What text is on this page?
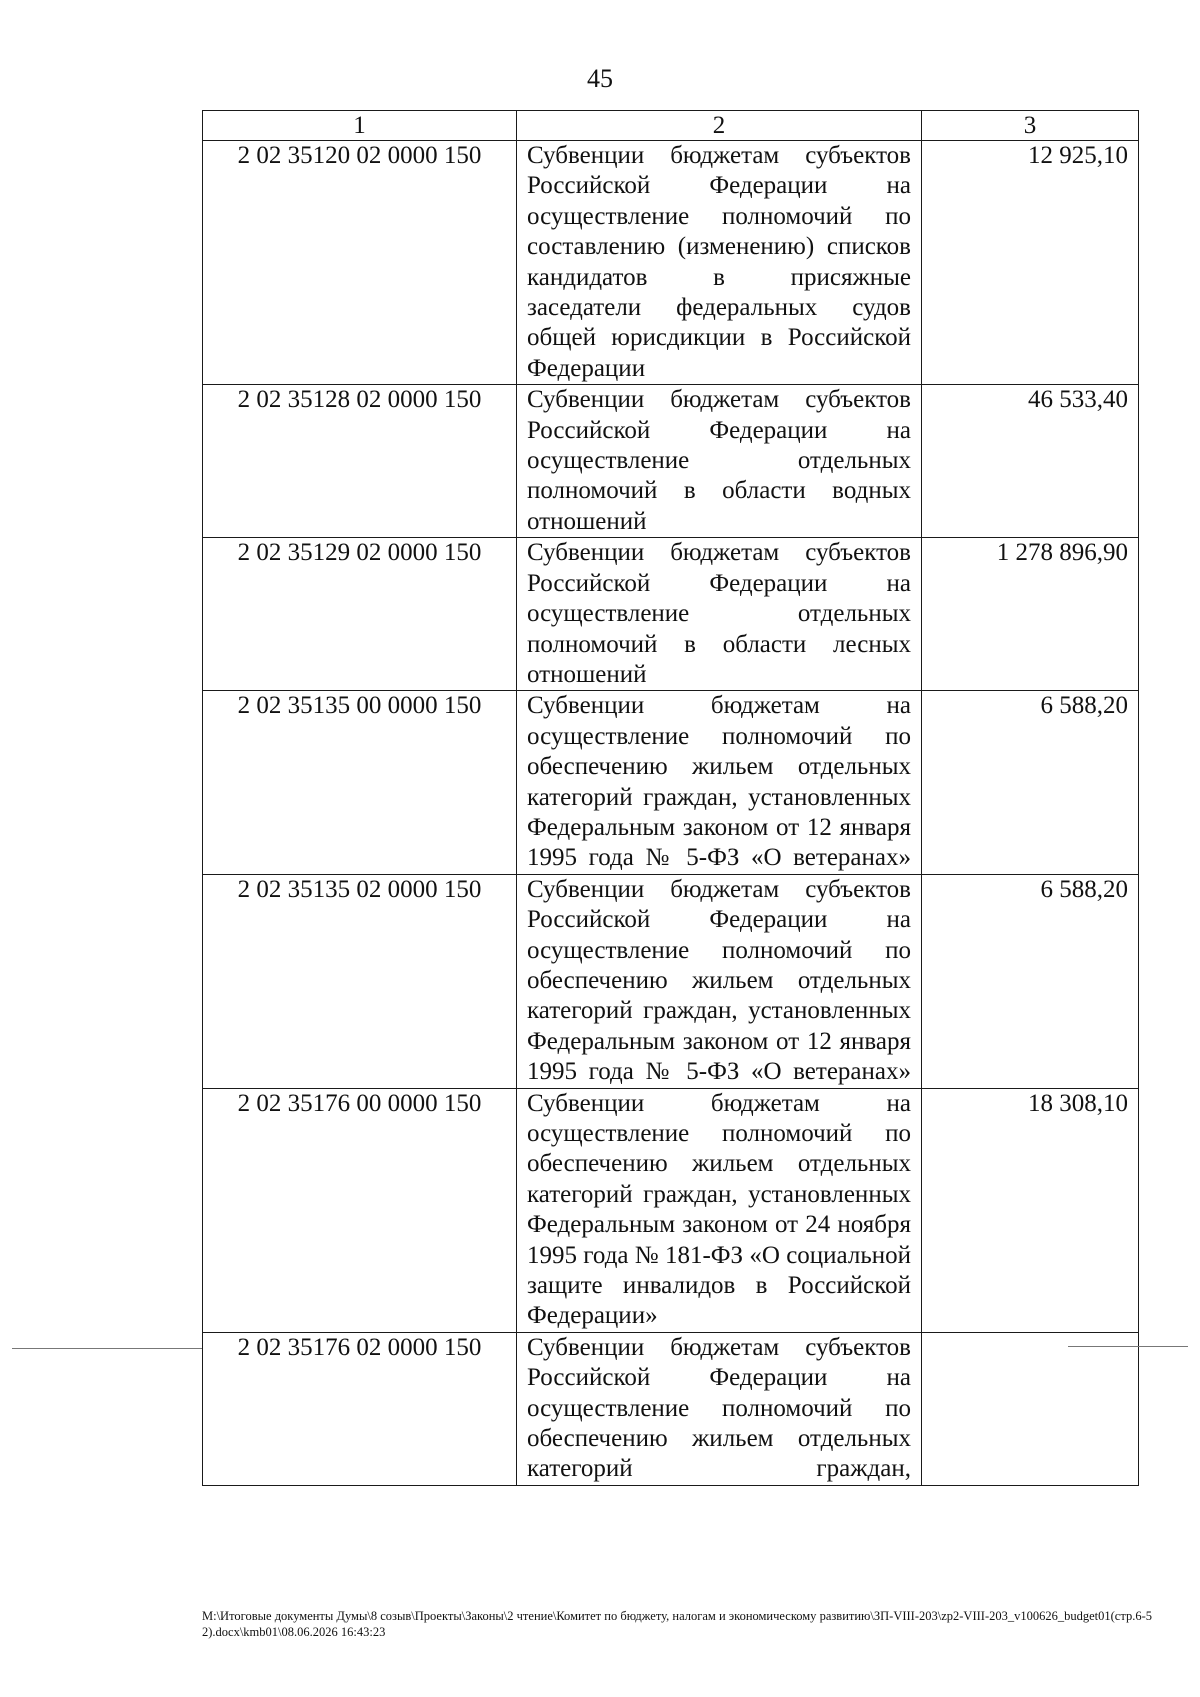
45
1	2	3
2 02 35120 02 0000 150	Субвенции бюджетам субъектов Российской Федерации на осуществление полномочий по составлению (изменению) списков кандидатов в присяжные заседатели федеральных судов общей юрисдикции в Российской Федерации	12 925,10
2 02 35128 02 0000 150	Субвенции бюджетам субъектов Российской Федерации на осуществление отдельных полномочий в области водных отношений	46 533,40
2 02 35129 02 0000 150	Субвенции бюджетам субъектов Российской Федерации на осуществление отдельных полномочий в области лесных отношений	1 278 896,90
2 02 35135 00 0000 150	Субвенции бюджетам на осуществление полномочий по обеспечению жильем отдельных категорий граждан, установленных Федеральным законом от 12 января 1995 года № 5-ФЗ «О ветеранах»	6 588,20
2 02 35135 02 0000 150	Субвенции бюджетам субъектов Российской Федерации на осуществление полномочий по обеспечению жильем отдельных категорий граждан, установленных Федеральным законом от 12 января 1995 года № 5-ФЗ «О ветеранах»	6 588,20
2 02 35176 00 0000 150	Субвенции бюджетам на осуществление полномочий по обеспечению жильем отдельных категорий граждан, установленных Федеральным законом от 24 ноября 1995 года № 181-ФЗ «О социальной защите инвалидов в Российской Федерации»	18 308,10
2 02 35176 02 0000 150	Субвенции бюджетам субъектов Российской Федерации на осуществление полномочий по обеспечению жильем отдельных категорий граждан,	
M:\Итоговые документы Думы\8 созыв\Проекты\Законы\2 чтение\Комитет по бюджету, налогам и экономическому развитию\ЗП-VIII-203\zp2-VIII-203_v100626_budget01(стр.6-52).docx\kmb01\08.06.2026 16:43:23
